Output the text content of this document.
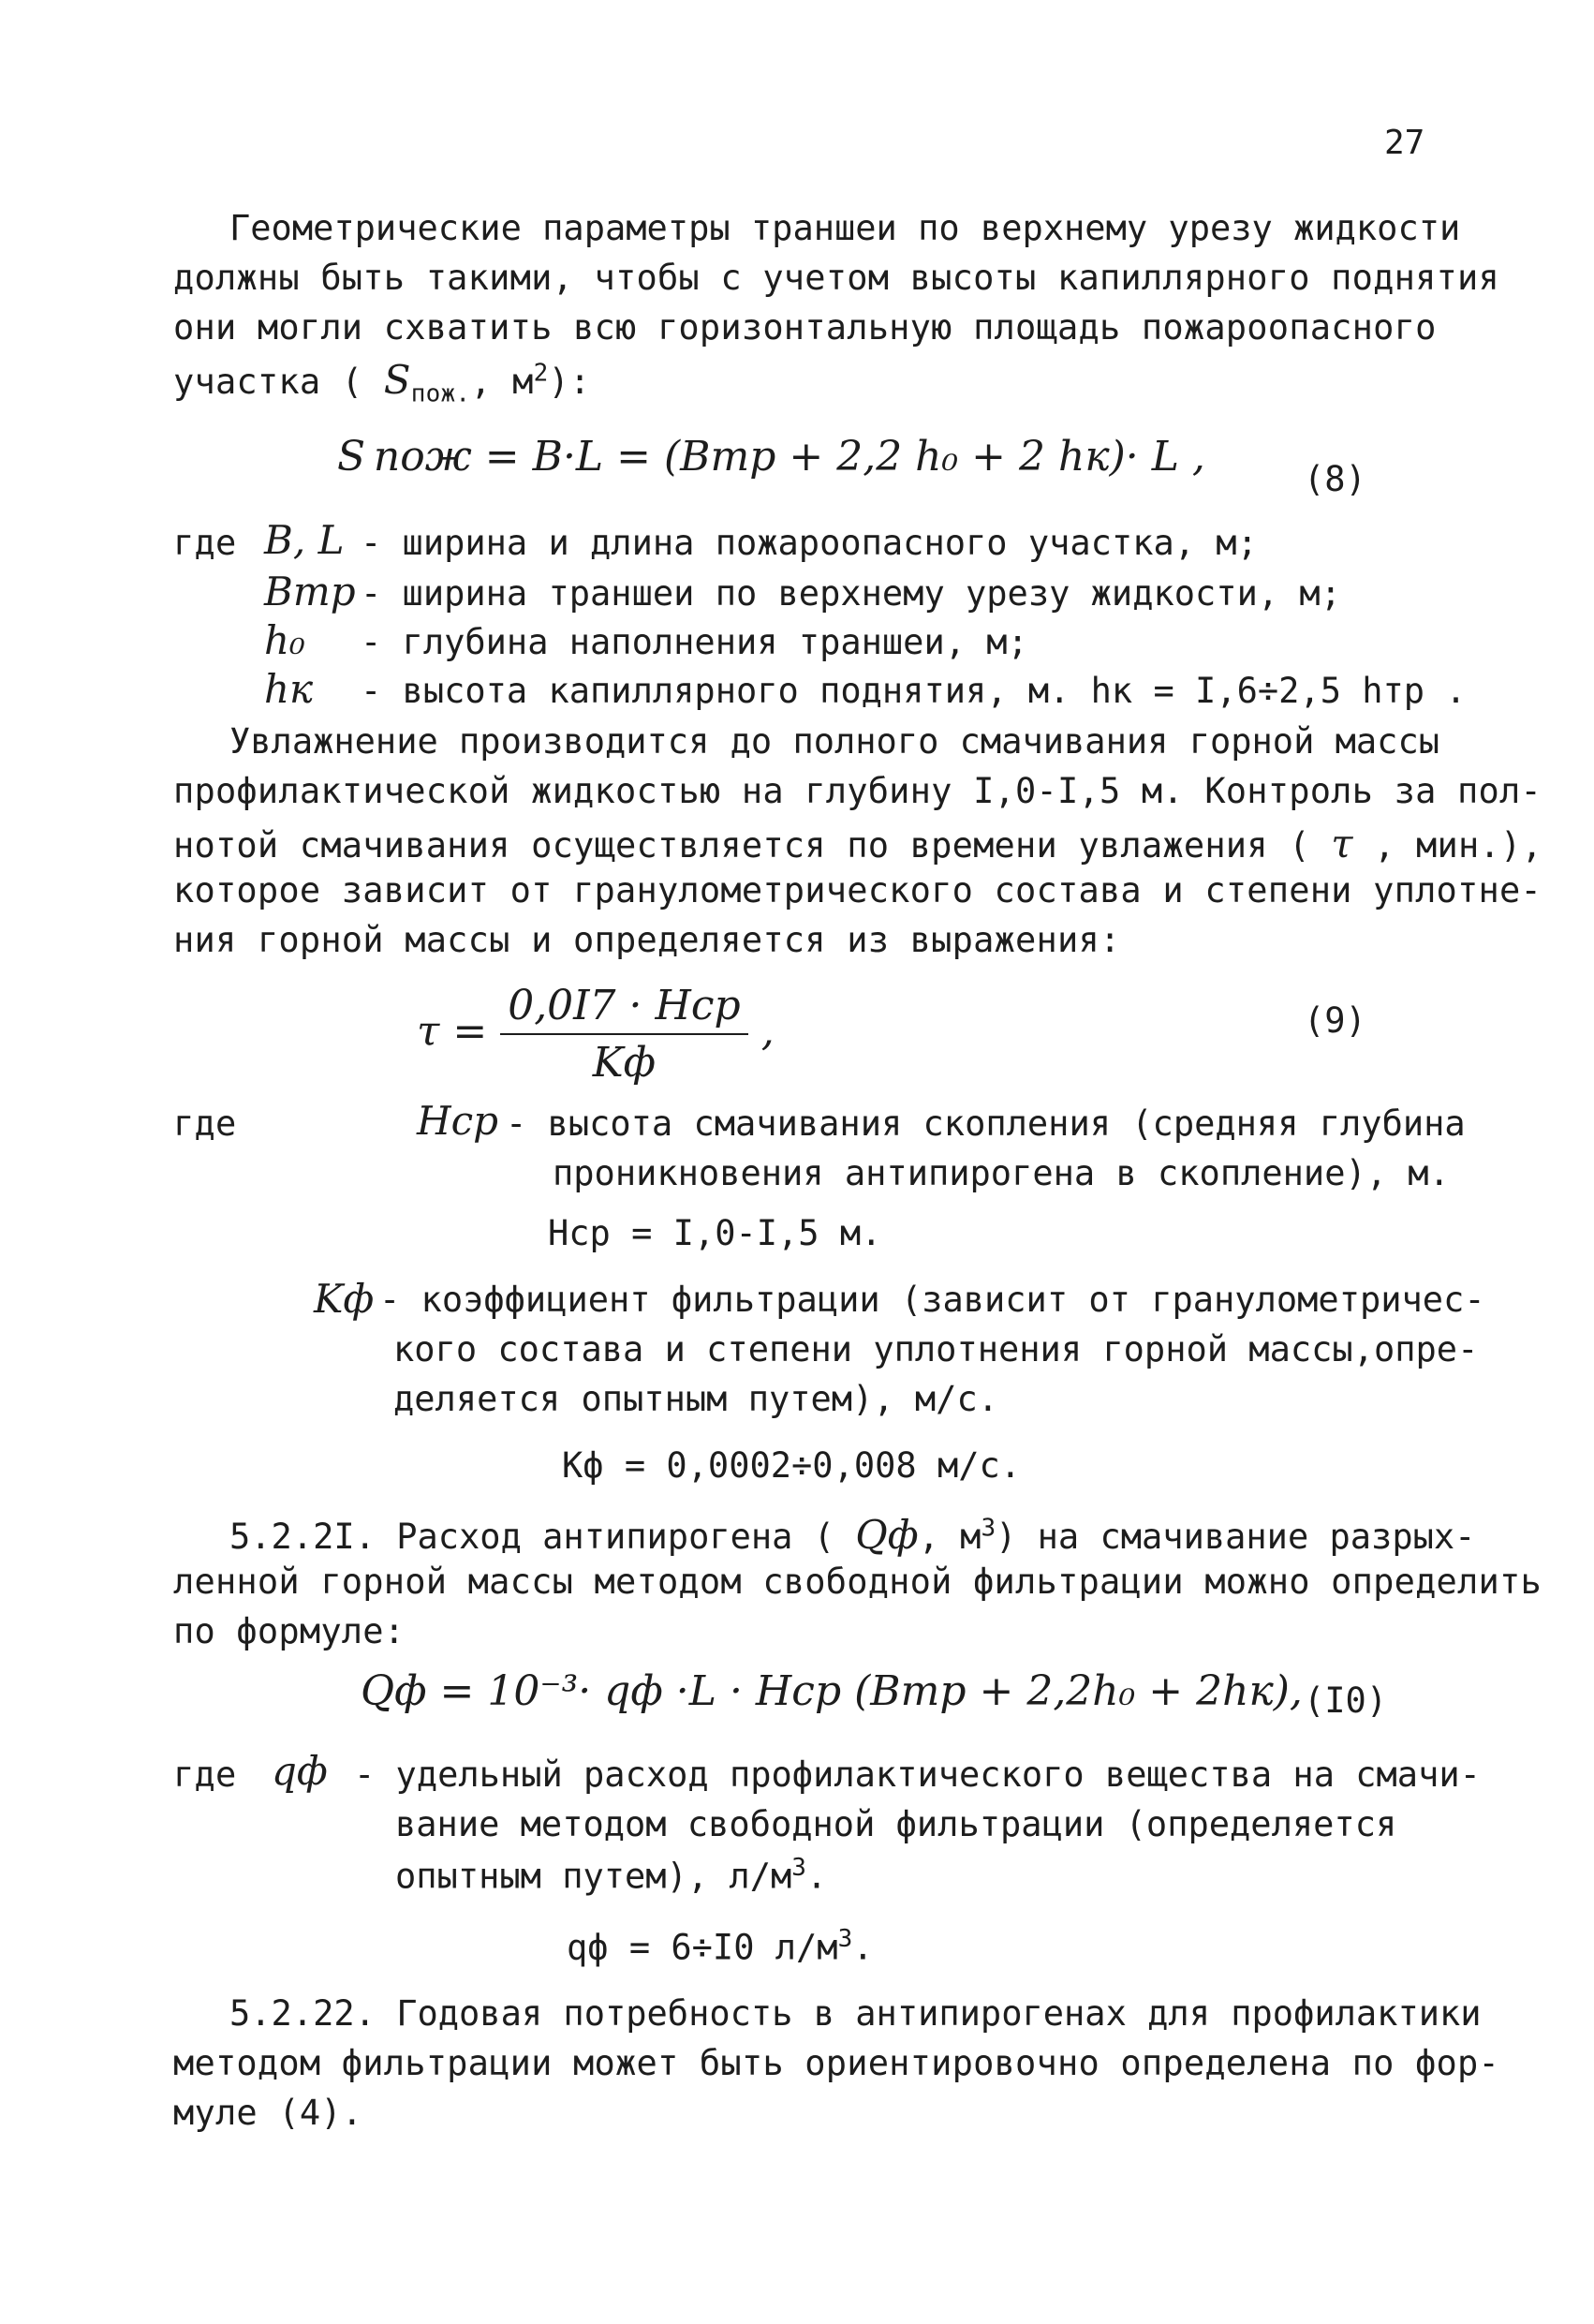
27
Геометрические параметры траншеи по верхнему урезу жидкости
должны быть такими, чтобы с учетом высоты капиллярного поднятия
они могли схватить всю горизонтальную площадь пожароопасного
участка ( $S_{пож.}$, $м^2$):
S пож = B·L = (Bтр + 2,2 h₀ + 2 hк)· L ,	(8)
где B, L - ширина и длина пожароопасного участка, м;
Bтр - ширина траншеи по верхнему урезу жидкости, м;
h₀ - глубина наполнения траншеи, м;
hк - высота капиллярного поднятия, м. hк = I,6÷2,5 hтр .
Увлажнение производится до полного смачивания горной массы
профилактической жидкостью на глубину I,0-I,5 м. Контроль за пол-
нотой смачивания осуществляется по времени увлажения ( τ , мин.),
которое зависит от гранулометрического состава и степени уплотне-
ния горной массы и определяется из выражения:
$\tau = \frac{\text{0,0I7 · Hср}}{Kф}$ ,	(9)
где	Hср - высота смачивания скопления (средняя глубина
проникновения антипирогена в скопление), м.
Hср = I,0-I,5 м.
Kф - коэффициент фильтрации (зависит от гранулометричес-
кого состава и степени уплотнения горной массы,опре-
деляется опытным путем), м/с.
Kф = 0,0002÷0,008 м/с.
5.2.2I. Расход антипирогена ( Qф, $м^3$) на смачивание разрых-
ленной горной массы методом свободной фильтрации можно определить
по формуле:
Qф = 10⁻³· qф ·L · Hср (Bтр + 2,2h₀ + 2hк), (I0)
где qф - удельный расход профилактического вещества на смачи-
вание методом свободной фильтрации (определяется
опытным путем), $л/м^3$.
qф = 6÷I0 $л/м^3$.
5.2.22. Годовая потребность в антипирогенах для профилактики
методом фильтрации может быть ориентировочно определена по фор-
муле (4).
